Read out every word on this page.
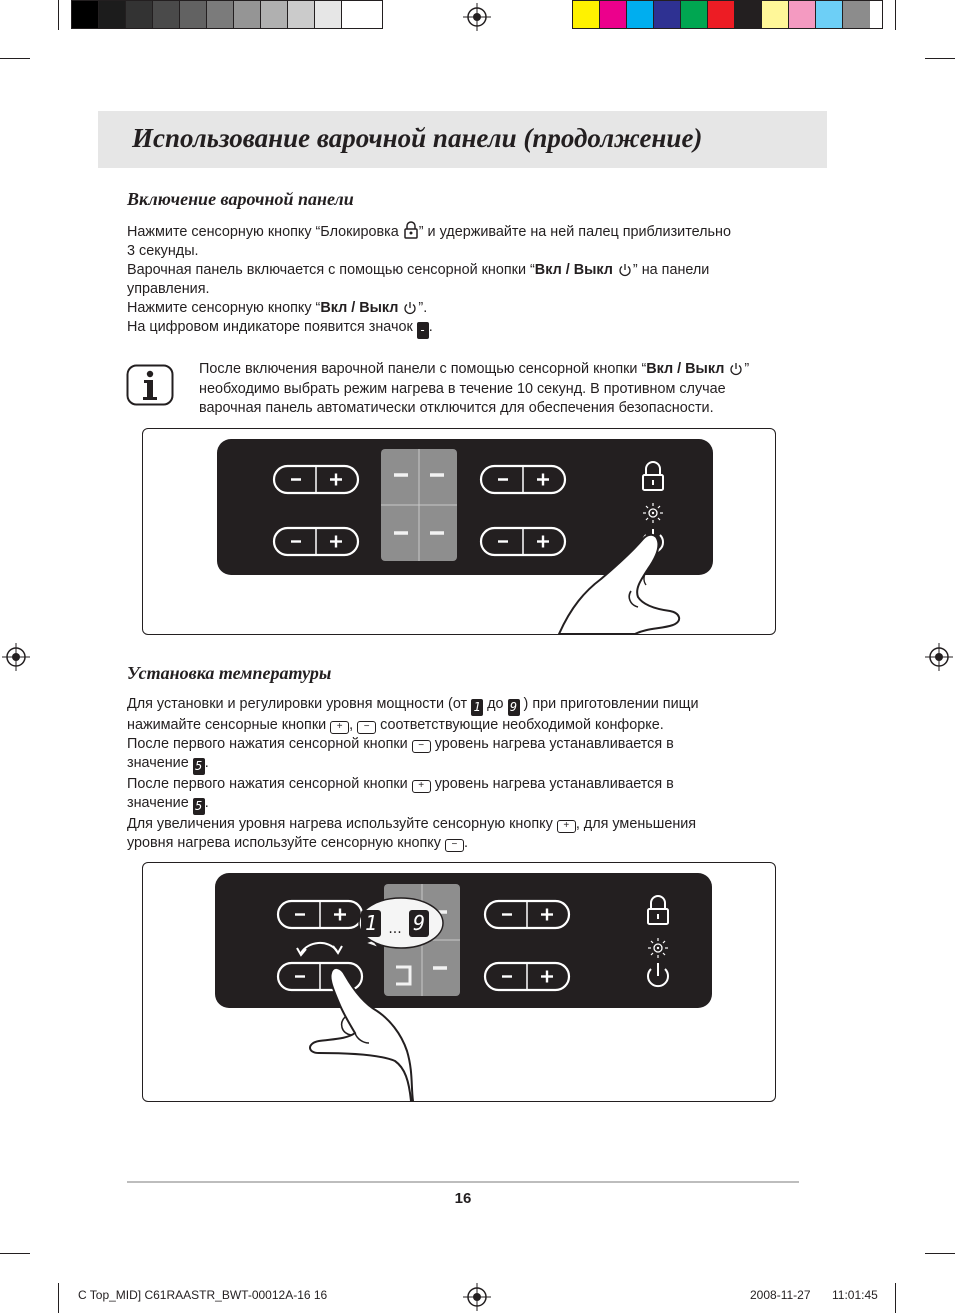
Использование варочной панели (продолжение)
Включение варочной панели
Нажмите сенсорную кнопку “Блокировка ” и удерживайте на ней палец приблизительно
3 секунды.
Варочная панель включается с помощью сенсорной кнопки “Вкл / Выкл ” на панели
управления.
Нажмите сенсорную кнопку “Вкл / Выкл ”.
На цифровом индикаторе появится значок - .
После включения варочной панели с помощью сенсорной кнопки “Вкл / Выкл ”
необходимо выбрать режим нагрева в течение 10 секунд. В противном случае
варочная панель автоматически отключится для обеспечения безопасности.
Установка температуры
Для установки и регулировки уровня мощности (от 1 до 9 ) при приготовлении пищи
нажимайте сенсорные кнопки + , − соответствующие необходимой конфорке.
После первого нажатия сенсорной кнопки − уровень нагрева устанавливается в
значение 5 .
После первого нажатия сенсорной кнопки + уровень нагрева устанавливается в
значение 5 .
Для увеличения уровня нагрева используйте сенсорную кнопку + , для уменьшения
уровня нагрева используйте сенсорную кнопку − .
1 ... 9

16

C Top_MID] C61RAASTR_BWT-00012A-16 16	2008-11-27 11:01:45
